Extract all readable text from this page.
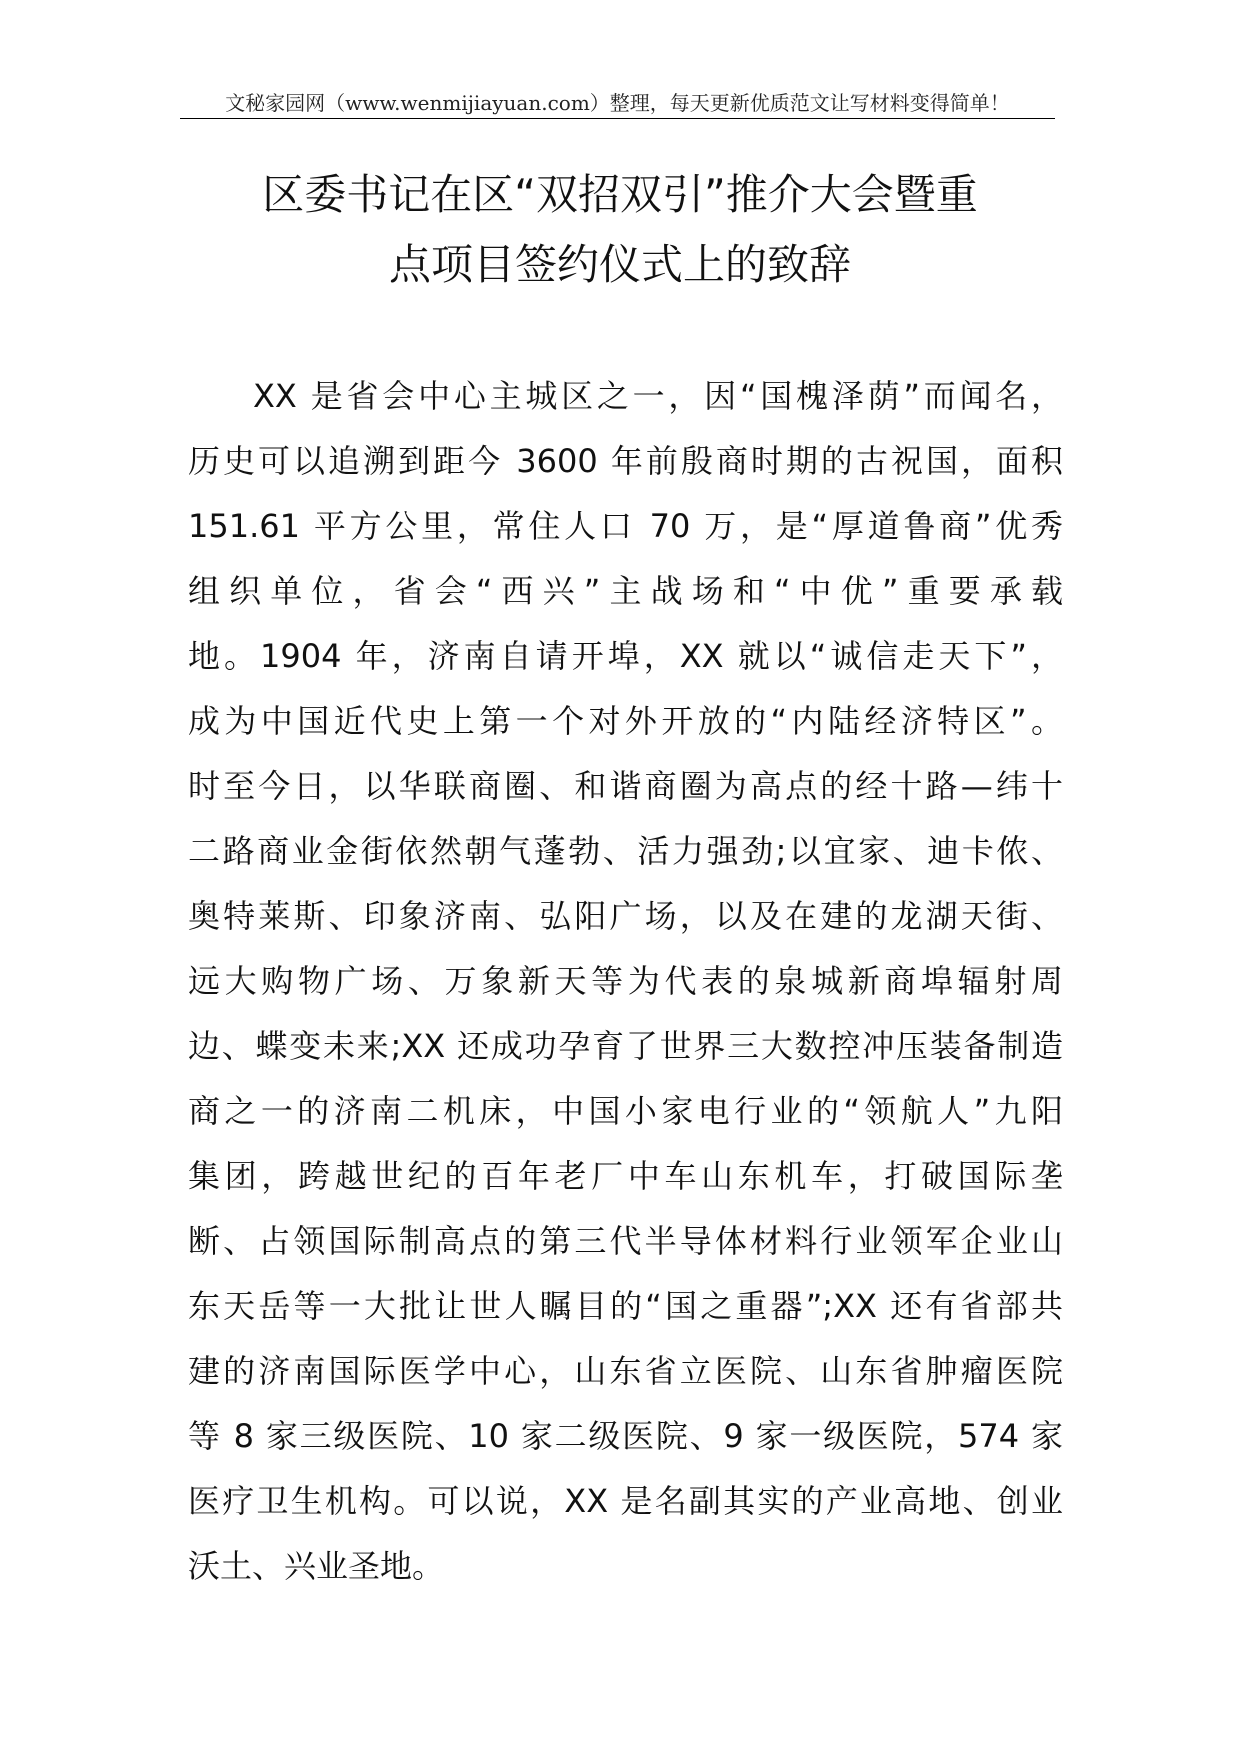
文秘家园网（www.wenmijiayuan.com）整理，每天更新优质范文让写材料变得简单！
区委书记在区“双招双引”推介大会暨重
点项目签约仪式上的致辞
XX 是省会中心主城区之一，因“国槐泽荫”而闻名，
历史可以追溯到距今 3600 年前殷商时期的古祝国，面积
151.61 平方公里，常住人口 70 万，是“厚道鲁商”优秀
组织单位，省会“西兴”主战场和“中优”重要承载
地。1904 年，济南自请开埠，XX 就以“诚信走天下”，
成为中国近代史上第一个对外开放的“内陆经济特区”。
时至今日，以华联商圈、和谐商圈为高点的经十路—纬十
二路商业金街依然朝气蓬勃、活力强劲;以宜家、迪卡侬、
奥特莱斯、印象济南、弘阳广场，以及在建的龙湖天街、
远大购物广场、万象新天等为代表的泉城新商埠辐射周
边、蝶变未来;XX 还成功孕育了世界三大数控冲压装备制造
商之一的济南二机床，中国小家电行业的“领航人”九阳
集团，跨越世纪的百年老厂中车山东机车，打破国际垄
断、占领国际制高点的第三代半导体材料行业领军企业山
东天岳等一大批让世人瞩目的“国之重器”;XX 还有省部共
建的济南国际医学中心，山东省立医院、山东省肿瘤医院
等 8 家三级医院、10 家二级医院、9 家一级医院，574 家
医疗卫生机构。可以说，XX 是名副其实的产业高地、创业
沃土、兴业圣地。
